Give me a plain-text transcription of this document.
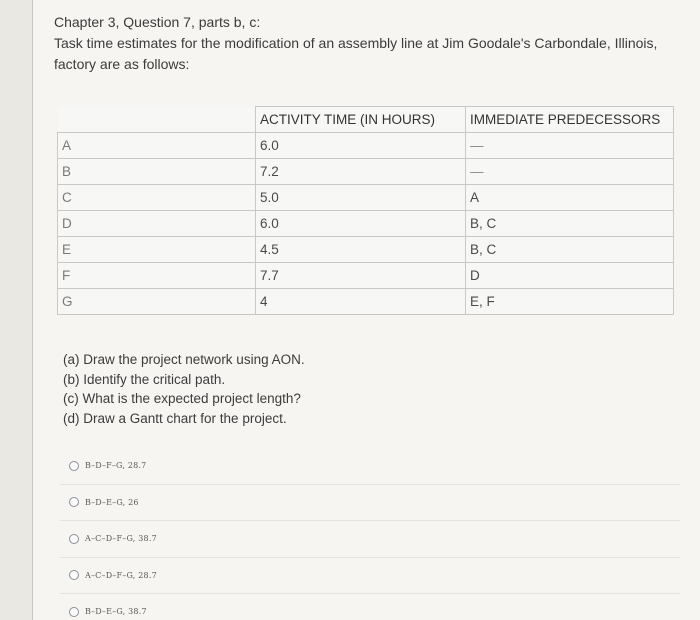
Chapter 3, Question 7, parts b, c:
Task time estimates for the modification of an assembly line at Jim Goodale's Carbondale, Illinois,
factory are as follows:
	ACTIVITY TIME (IN HOURS)	IMMEDIATE PREDECESSORS
A	6.0	—
B	7.2	—
C	5.0	A
D	6.0	B, C
E	4.5	B, C
F	7.7	D
G	4	E, F
(a) Draw the project network using AON.
(b) Identify the critical path.
(c) What is the expected project length?
(d) Draw a Gantt chart for the project.
B–D–F–G, 28.7
B–D–E–G, 26
A–C–D–F–G, 38.7
A–C–D–F–G, 28.7
B–D–E–G, 38.7
